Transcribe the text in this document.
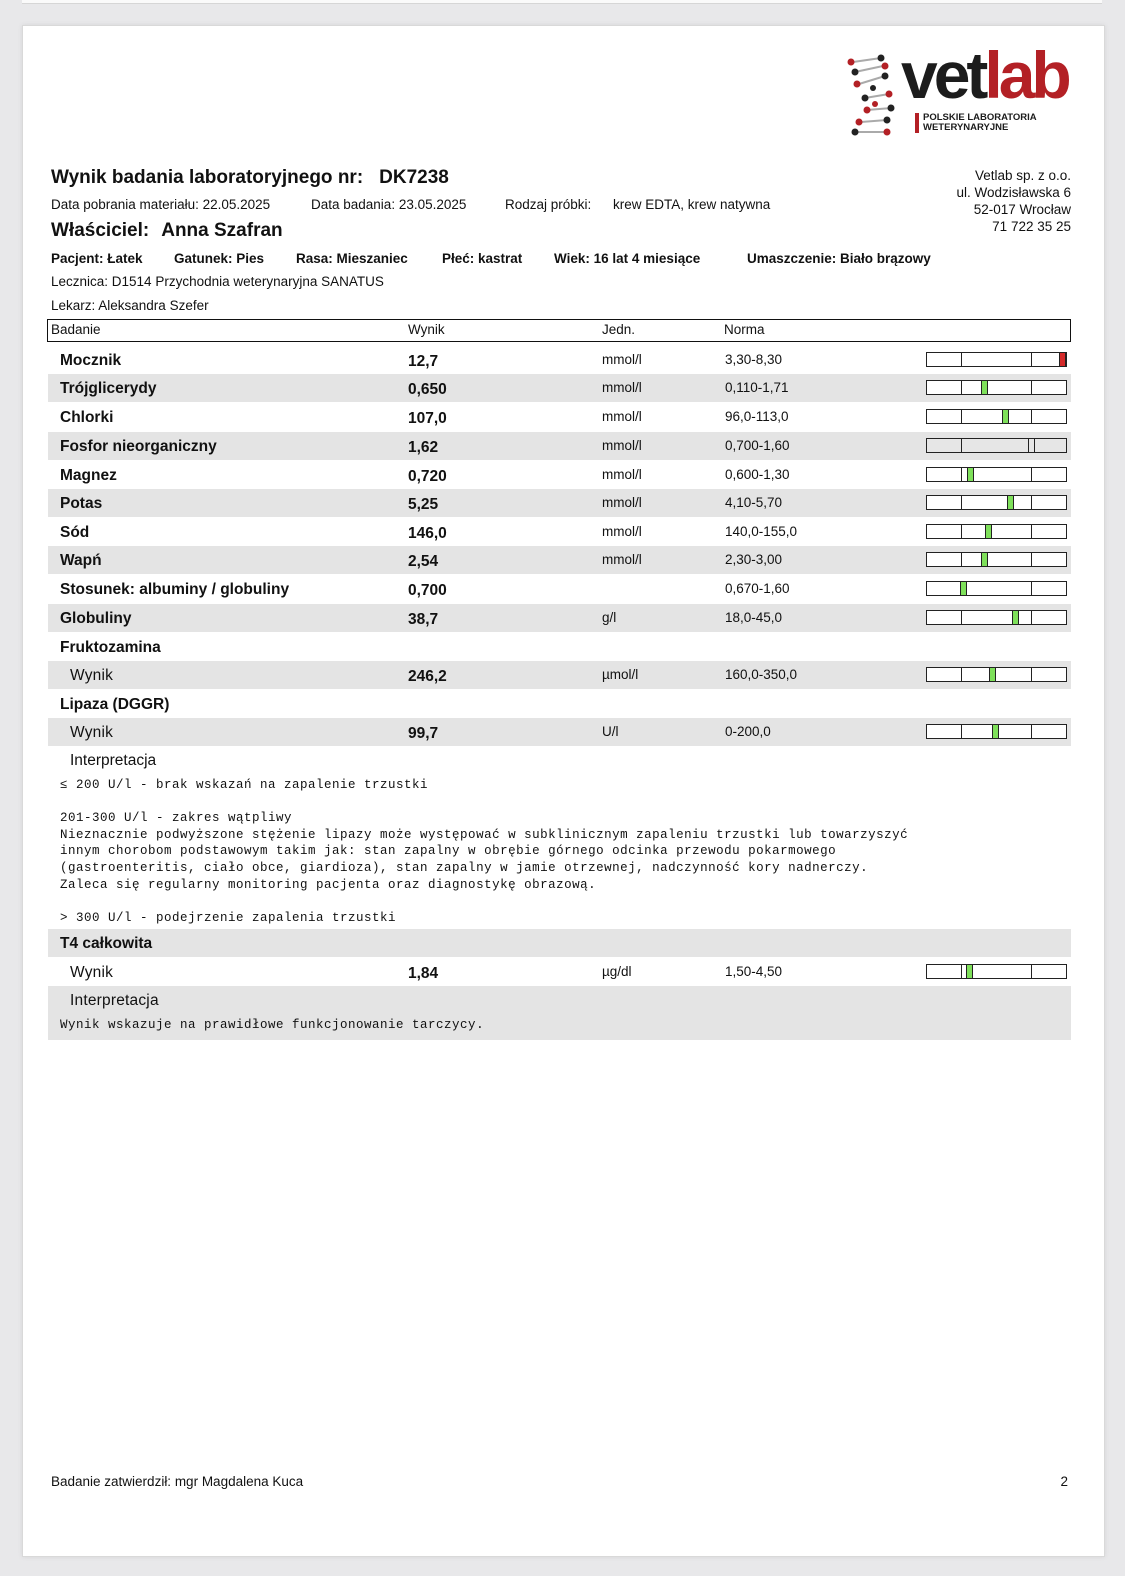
vetlab
POLSKIE LABORATORIA
WETERYNARYJNE
Wynik badania laboratoryjnego nr: DK7238
Data pobrania materiału: 22.05.2025	Data badania: 23.05.2025	Rodzaj próbki: krew EDTA, krew natywna
Vetlab sp. z o.o.
ul. Wodzisławska 6
52-017 Wrocław
71 722 35 25
Właściciel: Anna Szafran
Pacjent: Łatek Gatunek: Pies Rasa: Mieszaniec	Płeć: kastrat Wiek: 16 lat 4 miesiące	Umaszczenie: Biało brązowy
Lecznica: D1514 Przychodnia weterynaryjna SANATUS
Lekarz: Aleksandra Szefer
Badanie	Wynik	Jedn.	Norma
Mocznik	12,7	mmol/l	3,30-8,30
Trójglicerydy	0,650	mmol/l	0,110-1,71
Chlorki	107,0	mmol/l	96,0-113,0
Fosfor nieorganiczny	1,62	mmol/l	0,700-1,60
Magnez	0,720	mmol/l	0,600-1,30
Potas	5,25	mmol/l	4,10-5,70
Sód	146,0	mmol/l	140,0-155,0
Wapń	2,54	mmol/l	2,30-3,00
Stosunek: albuminy / globuliny	0,700	0,670-1,60
Globuliny	38,7	g/l	18,0-45,0
Fruktozamina
Wynik	246,2	µmol/l	160,0-350,0
Lipaza (DGGR)
Wynik	99,7	U/l	0-200,0
Interpretacja
≤ 200 U/l - brak wskazań na zapalenie trzustki

201-300 U/l - zakres wątpliwy
Nieznacznie podwyższone stężenie lipazy może występować w subklinicznym zapaleniu trzustki lub towarzyszyć
innym chorobom podstawowym takim jak: stan zapalny w obrębie górnego odcinka przewodu pokarmowego
(gastroenteritis, ciało obce, giardioza), stan zapalny w jamie otrzewnej, nadczynność kory nadnerczy.
Zaleca się regularny monitoring pacjenta oraz diagnostykę obrazową.

> 300 U/l - podejrzenie zapalenia trzustki
T4 całkowita
Wynik	1,84	µg/dl	1,50-4,50
Interpretacja
Wynik wskazuje na prawidłowe funkcjonowanie tarczycy.
Badanie zatwierdził: mgr Magdalena Kuca	2
